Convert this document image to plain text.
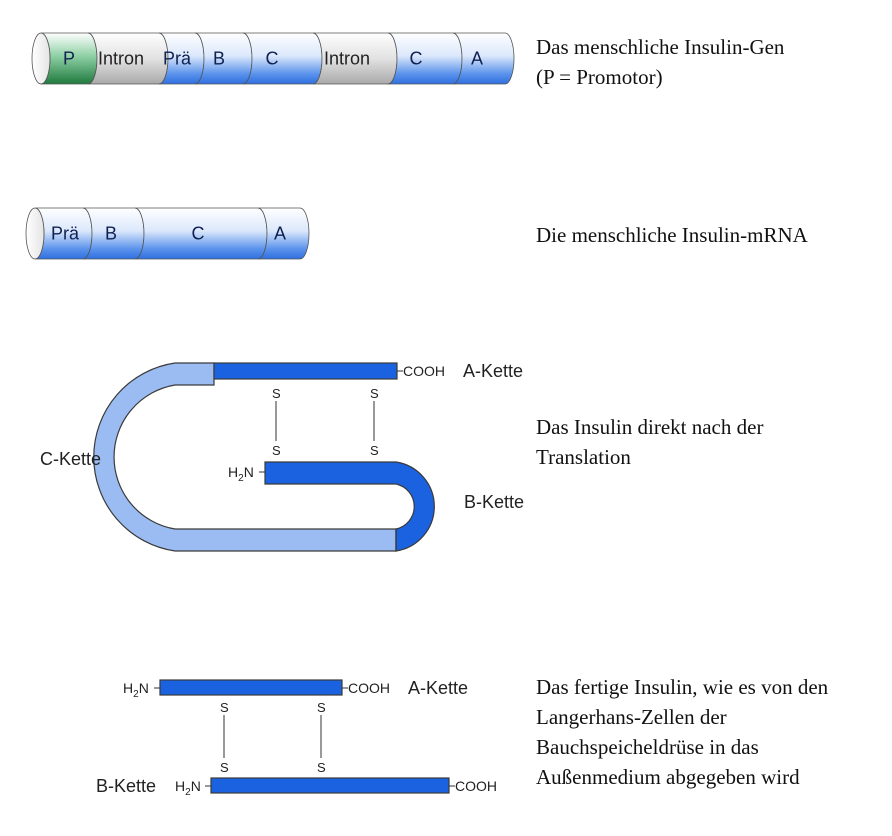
P Intron Prä B C	Intron C	A
Prä B	C	A
COOH A-Kette
S
S
S
S
$H_2N$
B-Kette
C-Kette
$H_2N$	COOH A-Kette
S
S
S
S
$H_2N$	COOH
B-Kette
Das menschliche Insulin-Gen
(P = Promotor)
Die menschliche Insulin-mRNA
Das Insulin direkt nach der
Translation
Das fertige Insulin, wie es von den
Langerhans-Zellen der
Bauchspeicheldrüse in das
Außenmedium abgegeben wird
